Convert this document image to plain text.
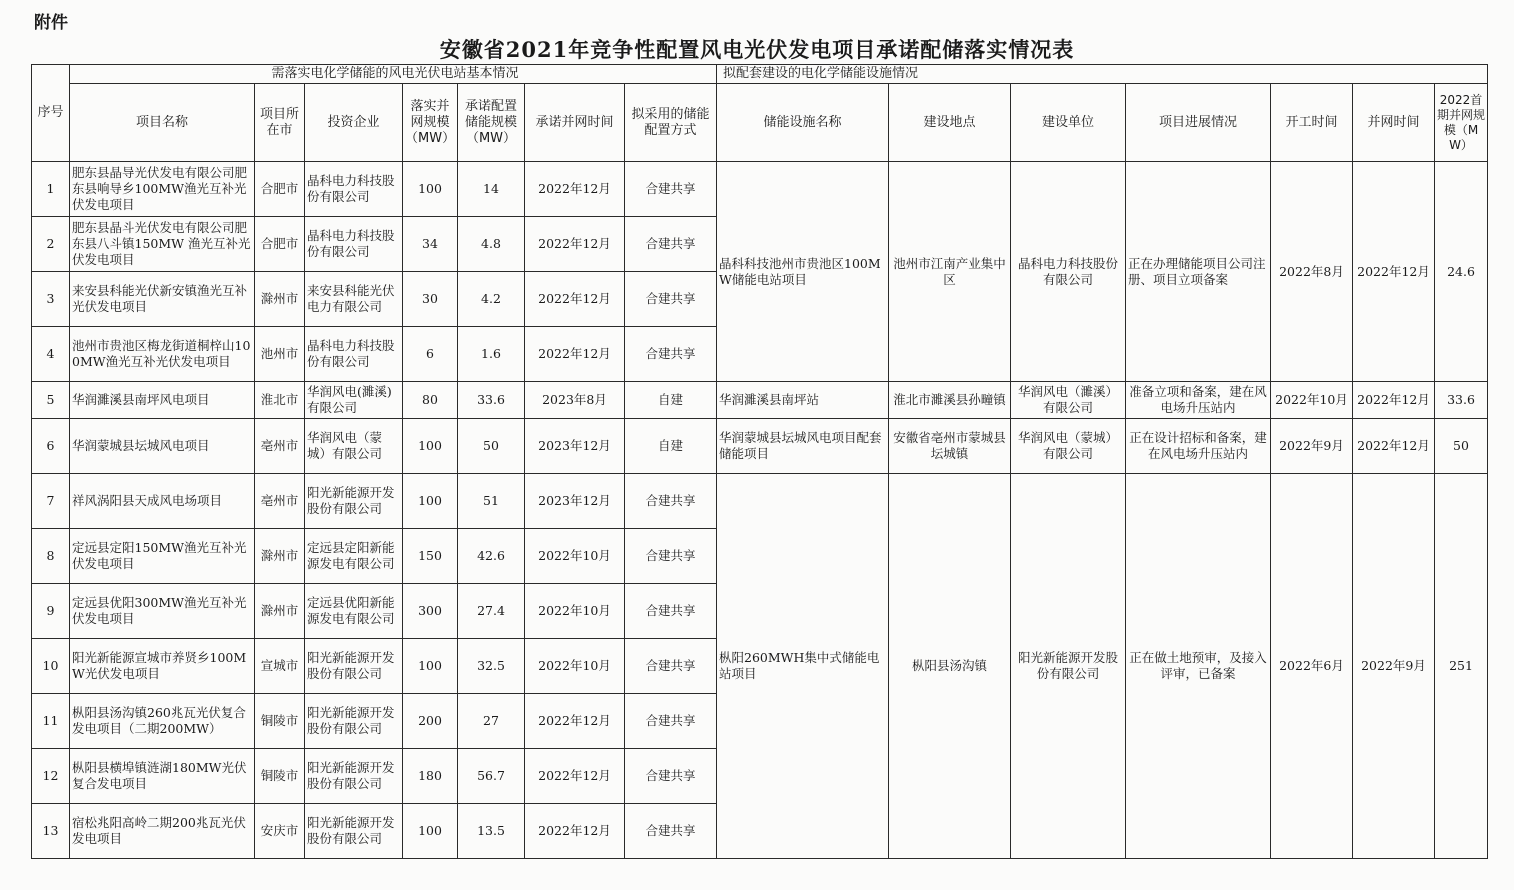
附件
安徽省2021年竞争性配置风电光伏发电项目承诺配储落实情况表
序号	需落实电化学储能的风电光伏电站基本情况							拟配套建设的电化学储能设施情况						
	项目名称	项目所在市	投资企业	落实并网规模（MW）	承诺配置储能规模（MW）	承诺并网时间	拟采用的储能配置方式	储能设施名称	建设地点	建设单位	项目进展情况	开工时间	并网时间	2022首期并网规模（MW）
1	肥东县晶导光伏发电有限公司肥东县响导乡100MW渔光互补光伏发电项目	合肥市	晶科电力科技股份有限公司	100	14	2022年12月	合建共享	晶科科技池州市贵池区100MW储能电站项目	池州市江南产业集中区	晶科电力科技股份有限公司	正在办理储能项目公司注册、项目立项备案	2022年8月	2022年12月	24.6
2	肥东县晶斗光伏发电有限公司肥东县八斗镇150MW 渔光互补光伏发电项目	合肥市	晶科电力科技股份有限公司	34	4.8	2022年12月	合建共享							
3	来安县科能光伏新安镇渔光互补光伏发电项目	滁州市	来安县科能光伏电力有限公司	30	4.2	2022年12月	合建共享							
4	池州市贵池区梅龙街道桐梓山100MW渔光互补光伏发电项目	池州市	晶科电力科技股份有限公司	6	1.6	2022年12月	合建共享							
5	华润濉溪县南坪风电项目	淮北市	华润风电(濉溪)有限公司	80	33.6	2023年8月	自建	华润濉溪县南坪站	淮北市濉溪县孙疃镇	华润风电（濉溪）有限公司	准备立项和备案，建在风电场升压站内	2022年10月	2022年12月	33.6
6	华润蒙城县坛城风电项目	亳州市	华润风电（蒙城）有限公司	100	50	2023年12月	自建	华润蒙城县坛城风电项目配套储能项目	安徽省亳州市蒙城县坛城镇	华润风电（蒙城）有限公司	正在设计招标和备案，建在风电场升压站内	2022年9月	2022年12月	50
7	祥风涡阳县天成风电场项目	亳州市	阳光新能源开发股份有限公司	100	51	2023年12月	合建共享	枞阳260MWH集中式储能电站项目	枞阳县汤沟镇	阳光新能源开发股份有限公司	正在做土地预审，及接入评审，已备案	2022年6月	2022年9月	251
8	定远县定阳150MW渔光互补光伏发电项目	滁州市	定远县定阳新能源发电有限公司	150	42.6	2022年10月	合建共享							
9	定远县优阳300MW渔光互补光伏发电项目	滁州市	定远县优阳新能源发电有限公司	300	27.4	2022年10月	合建共享							
10	阳光新能源宣城市养贤乡100MW光伏发电项目	宣城市	阳光新能源开发股份有限公司	100	32.5	2022年10月	合建共享							
11	枞阳县汤沟镇260兆瓦光伏复合发电项目（二期200MW）	铜陵市	阳光新能源开发股份有限公司	200	27	2022年12月	合建共享							
12	枞阳县横埠镇涟湖180MW光伏复合发电项目	铜陵市	阳光新能源开发股份有限公司	180	56.7	2022年12月	合建共享							
13	宿松兆阳高岭二期200兆瓦光伏发电项目	安庆市	阳光新能源开发股份有限公司	100	13.5	2022年12月	合建共享							
